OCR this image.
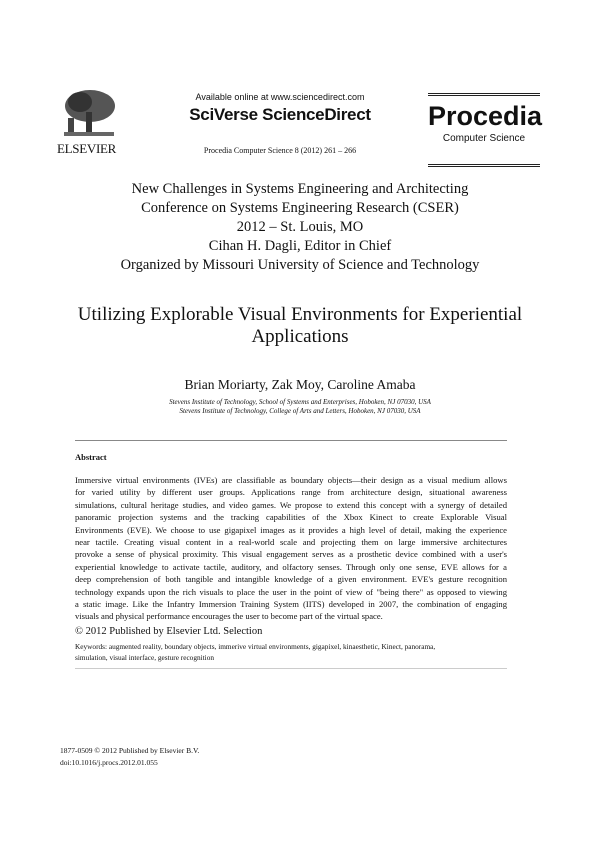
ELSEVIER
Available online at www.sciencedirect.com
SciVerse ScienceDirect
Procedia Computer Science 8 (2012) 261 – 266
Procedia
Computer Science
New Challenges in Systems Engineering and Architecting
Conference on Systems Engineering Research (CSER)
2012 – St. Louis, MO
Cihan H. Dagli, Editor in Chief
Organized by Missouri University of Science and Technology
Utilizing Explorable Visual Environments for Experiential
Applications
Brian Moriarty, Zak Moy, Caroline Amaba
Stevens Institute of Technology, School of Systems and Enterprises, Hoboken, NJ 07030, USA
Stevens Institute of Technology, College of Arts and Letters, Hoboken, NJ 07030, USA
Abstract
Immersive virtual environments (IVEs) are classifiable as boundary objects—their design as a visual medium allows
for varied utility by different user groups. Applications range from architecture design, situational awareness
simulations, cultural heritage studies, and video games. We propose to extend this concept with a synergy of detailed
panoramic projection systems and the tracking capabilities of the Xbox Kinect to create Explorable Visual
Environments (EVE). We choose to use gigapixel images as it provides a high level of detail, making the experience
near tactile. Creating visual content in a real-world scale and projecting them on large immersive architectures
provoke a sense of physical proximity. This visual engagement serves as a prosthetic device combined with a user's
experiential knowledge to activate tactile, auditory, and olfactory senses. Through only one sense, EVE allows for a
deep comprehension of both tangible and intangible knowledge of a given environment. EVE's gesture recognition
technology expands upon the rich visuals to place the user in the point of view of "being there" as opposed to viewing
a static image. Like the Infantry Immersion Training System (IITS) developed in 2007, the combination of engaging
visuals and physical performance encourages the user to become part of the virtual space.
© 2012 Published by Elsevier Ltd. Selection
Keywords: augmented reality, boundary objects, immerive virtual environments, gigapixel, kinaesthetic, Kinect, panorama,
simulation, visual interface, gesture recognition
1877-0509 © 2012 Published by Elsevier B.V.
doi:10.1016/j.procs.2012.01.055
